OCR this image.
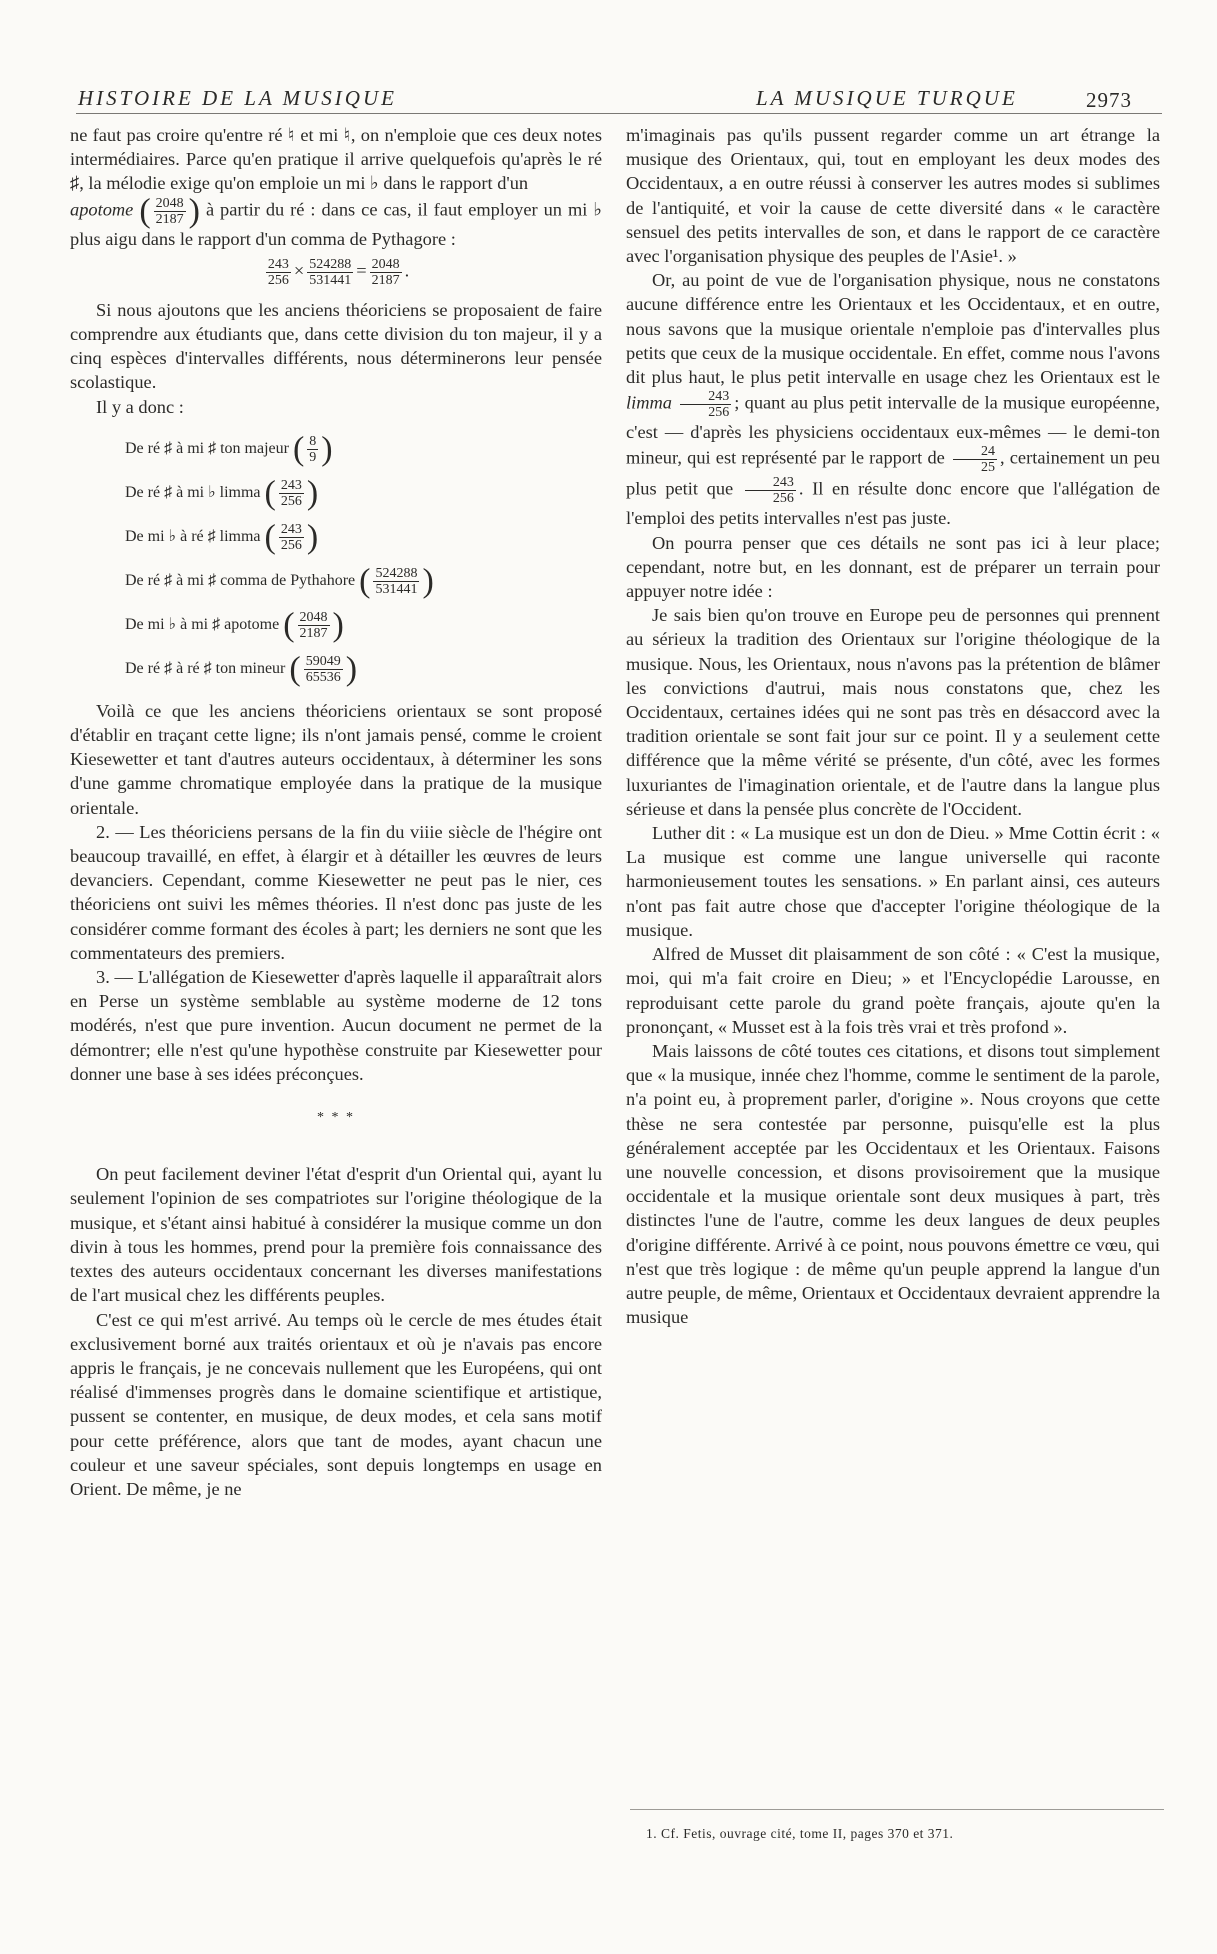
HISTOIRE DE LA MUSIQUE	LA MUSIQUE TURQUE	2973

ne faut pas croire qu'entre ré ♮ et mi ♮, on n'emploie que ces deux notes intermédiaires. Parce qu'en pratique il arrive quelquefois qu'après le ré ♯, la mélodie exige qu'on emploie un mi ♭ dans le rapport d'un

apotome ( $\frac{2048}{2187}$ ) à partir du ré : dans ce cas, il faut employer un mi ♭ plus aigu dans le rapport d'un comma de Pythagore :

$\frac{243}{256} \times \frac{524288}{531441} = \frac{2048}{2187}$ .

Si nous ajoutons que les anciens théoriciens se proposaient de faire comprendre aux étudiants que, dans cette division du ton majeur, il y a cinq espèces d'intervalles différents, nous déterminerons leur pensée scolastique.

Il y a donc :

De ré ♯ à mi ♯ ton majeur ( $\frac{8}{9}$ )
De ré ♯ à mi ♭ limma ( $\frac{243}{256}$ )
De mi ♭ à ré ♯ limma ( $\frac{243}{256}$ )
De ré ♯ à mi ♯ comma de Pythahore ( $\frac{524288}{531441}$ )
De mi ♭ à mi ♯ apotome ( $\frac{2048}{2187}$ )
De ré ♯ à ré ♯ ton mineur ( $\frac{59049}{65536}$ )

Voilà ce que les anciens théoriciens orientaux se sont proposé d'établir en traçant cette ligne; ils n'ont jamais pensé, comme le croient Kiesewetter et tant d'autres auteurs occidentaux, à déterminer les sons d'une gamme chromatique employée dans la pratique de la musique orientale.

2. — Les théoriciens persans de la fin du viiie siècle de l'hégire ont beaucoup travaillé, en effet, à élargir et à détailler les œuvres de leurs devanciers. Cependant, comme Kiesewetter ne peut pas le nier, ces théoriciens ont suivi les mêmes théories. Il n'est donc pas juste de les considérer comme formant des écoles à part; les derniers ne sont que les commentateurs des premiers.

3. — L'allégation de Kiesewetter d'après laquelle il apparaîtrait alors en Perse un système semblable au système moderne de 12 tons modérés, n'est que pure invention. Aucun document ne permet de la démontrer; elle n'est qu'une hypothèse construite par Kiesewetter pour donner une base à ses idées préconçues.

* * *

On peut facilement deviner l'état d'esprit d'un Oriental qui, ayant lu seulement l'opinion de ses compatriotes sur l'origine théologique de la musique, et s'étant ainsi habitué à considérer la musique comme un don divin à tous les hommes, prend pour la première fois connaissance des textes des auteurs occidentaux concernant les diverses manifestations de l'art musical chez les différents peuples.

C'est ce qui m'est arrivé. Au temps où le cercle de mes études était exclusivement borné aux traités orientaux et où je n'avais pas encore appris le français, je ne concevais nullement que les Européens, qui ont réalisé d'immenses progrès dans le domaine scientifique et artistique, pussent se contenter, en musique, de deux modes, et cela sans motif pour cette préférence, alors que tant de modes, ayant chacun une couleur et une saveur spéciales, sont depuis longtemps en usage en Orient. De même, je ne

m'imaginais pas qu'ils pussent regarder comme un art étrange la musique des Orientaux, qui, tout en employant les deux modes des Occidentaux, a en outre réussi à conserver les autres modes si sublimes de l'antiquité, et voir la cause de cette diversité dans « le caractère sensuel des petits intervalles de son, et dans le rapport de ce caractère avec l'organisation physique des peuples de l'Asie¹. »

Or, au point de vue de l'organisation physique, nous ne constatons aucune différence entre les Orientaux et les Occidentaux, et en outre, nous savons que la musique orientale n'emploie pas d'intervalles plus petits que ceux de la musique occidentale. En effet, comme nous l'avons dit plus haut, le plus petit intervalle en usage chez les Orientaux est le limma $\frac{243}{256}$ ; quant au plus petit intervalle de la musique européenne, c'est — d'après les physiciens occidentaux eux-mêmes — le demi-ton mineur, qui est représenté par le rapport de $\frac{24}{25}$ , certainement un peu plus petit que $\frac{243}{256}$ . Il en résulte donc encore que l'allégation de l'emploi des petits intervalles n'est pas juste.

On pourra penser que ces détails ne sont pas ici à leur place; cependant, notre but, en les donnant, est de préparer un terrain pour appuyer notre idée :

Je sais bien qu'on trouve en Europe peu de personnes qui prennent au sérieux la tradition des Orientaux sur l'origine théologique de la musique. Nous, les Orientaux, nous n'avons pas la prétention de blâmer les convictions d'autrui, mais nous constatons que, chez les Occidentaux, certaines idées qui ne sont pas très en désaccord avec la tradition orientale se sont fait jour sur ce point. Il y a seulement cette différence que la même vérité se présente, d'un côté, avec les formes luxuriantes de l'imagination orientale, et de l'autre dans la langue plus sérieuse et dans la pensée plus concrète de l'Occident.

Luther dit : « La musique est un don de Dieu. » Mme Cottin écrit : « La musique est comme une langue universelle qui raconte harmonieusement toutes les sensations. » En parlant ainsi, ces auteurs n'ont pas fait autre chose que d'accepter l'origine théologique de la musique.

Alfred de Musset dit plaisamment de son côté : « C'est la musique, moi, qui m'a fait croire en Dieu; » et l'Encyclopédie Larousse, en reproduisant cette parole du grand poète français, ajoute qu'en la prononçant, « Musset est à la fois très vrai et très profond ».

Mais laissons de côté toutes ces citations, et disons tout simplement que « la musique, innée chez l'homme, comme le sentiment de la parole, n'a point eu, à proprement parler, d'origine ». Nous croyons que cette thèse ne sera contestée par personne, puisqu'elle est la plus généralement acceptée par les Occidentaux et les Orientaux. Faisons une nouvelle concession, et disons provisoirement que la musique occidentale et la musique orientale sont deux musiques à part, très distinctes l'une de l'autre, comme les deux langues de deux peuples d'origine différente. Arrivé à ce point, nous pouvons émettre ce vœu, qui n'est que très logique : de même qu'un peuple apprend la langue d'un autre peuple, de même, Orientaux et Occidentaux devraient apprendre la musique

1. Cf. Fetis, ouvrage cité, tome II, pages 370 et 371.
